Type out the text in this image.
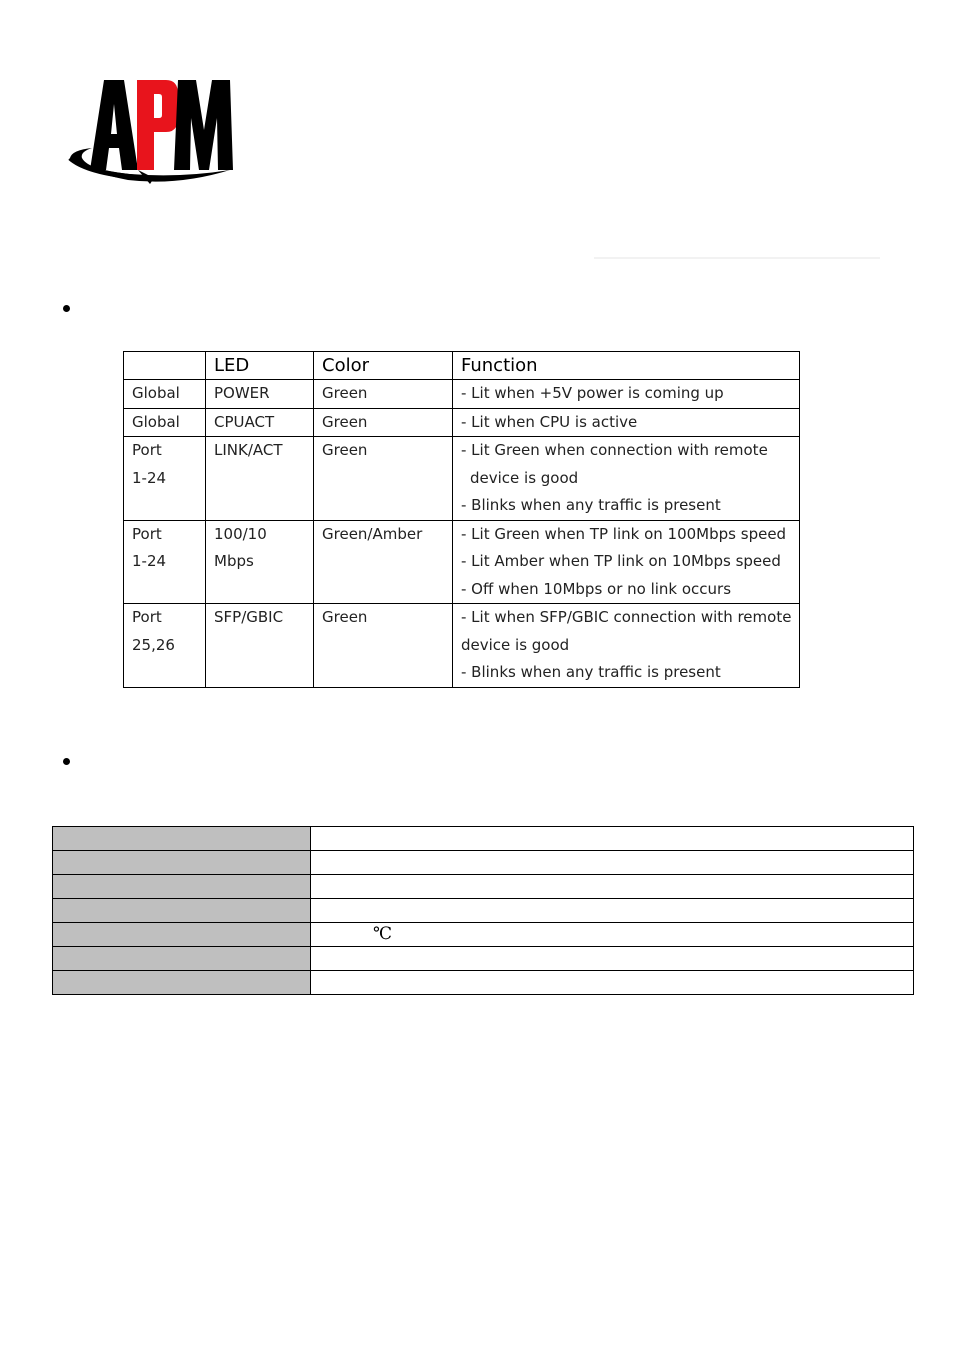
	LED	Color	Function

Global	POWER	Green	- Lit when +5V power is coming up

Global	CPUACT	Green	- Lit when CPU is active

Port
1-24	LINK/ACT	Green	- Lit Green when connection with remote
device is good
- Blinks when any traffic is present

Port
1-24	100/10
Mbps	Green/Amber	- Lit Green when TP link on 100Mbps speed
- Lit Amber when TP link on 10Mbps speed
- Off when 10Mbps or no link occurs

Port
25,26	SFP/GBIC	Green	- Lit when SFP/GBIC connection with remote
device is good
- Blinks when any traffic is present

	℃
